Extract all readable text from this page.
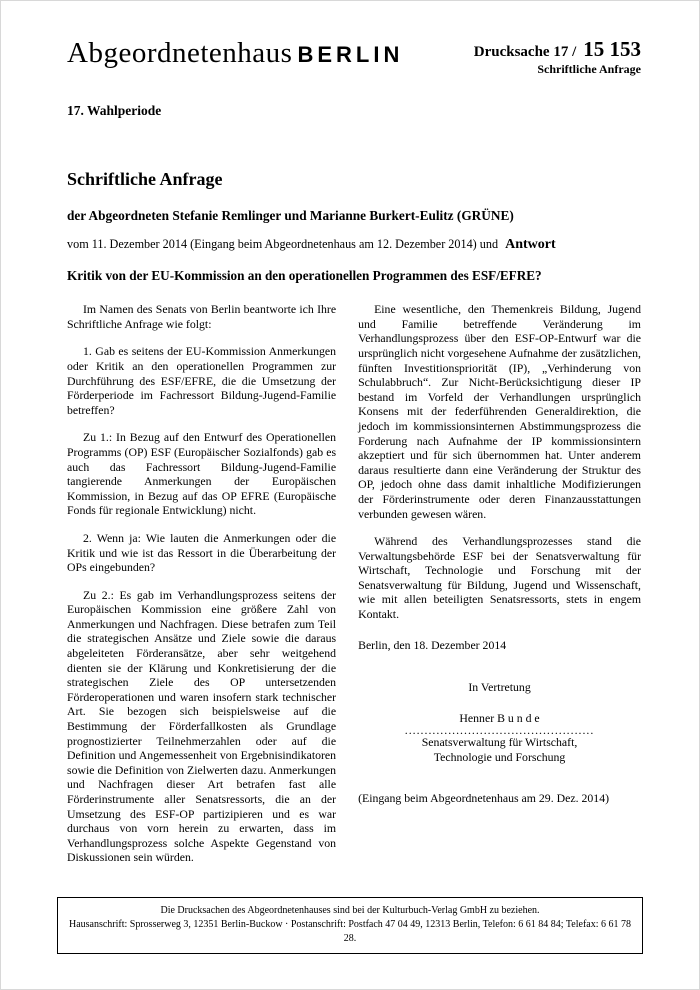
Abgeordnetenhaus BERLIN	Drucksache 17 / 15 153
Schriftliche Anfrage
17. Wahlperiode
Schriftliche Anfrage

der Abgeordneten Stefanie Remlinger und Marianne Burkert-Eulitz (GRÜNE)

vom 11. Dezember 2014 (Eingang beim Abgeordnetenhaus am 12. Dezember 2014) und Antwort

Kritik von der EU-Kommission an den operationellen Programmen des ESF/EFRE?

Im Namen des Senats von Berlin beantworte ich Ihre Schriftliche Anfrage wie folgt:

1. Gab es seitens der EU-Kommission Anmerkungen oder Kritik an den operationellen Programmen zur Durchführung des ESF/EFRE, die die Umsetzung der Förderperiode im Fachressort Bildung-Jugend-Familie betreffen?

Zu 1.: In Bezug auf den Entwurf des Operationellen Programms (OP) ESF (Europäischer Sozialfonds) gab es auch das Fachressort Bildung-Jugend-Familie tangierende Anmerkungen der Europäischen Kommission, in Bezug auf das OP EFRE (Europäische Fonds für regionale Entwicklung) nicht.

2. Wenn ja: Wie lauten die Anmerkungen oder die Kritik und wie ist das Ressort in die Überarbeitung der OPs eingebunden?

Zu 2.: Es gab im Verhandlungsprozess seitens der Europäischen Kommission eine größere Zahl von Anmerkungen und Nachfragen. Diese betrafen zum Teil die strategischen Ansätze und Ziele sowie die daraus abgeleiteten Förderansätze, aber sehr weitgehend dienten sie der Klärung und Konkretisierung der die strategischen Ziele des OP untersetzenden Förderoperationen und waren insofern stark technischer Art. Sie bezogen sich beispielsweise auf die Bestimmung der Förderfallkosten als Grundlage prognostizierter Teilnehmerzahlen oder auf die Definition und Angemessenheit von Ergebnisindikatoren sowie die Definition von Zielwerten dazu. Anmerkungen und Nachfragen dieser Art betrafen fast alle Förderinstrumente aller Senatsressorts, die an der Umsetzung des ESF-OP partizipieren und es war durchaus von vorn herein zu erwarten, dass im Verhandlungsprozess solche Aspekte Gegenstand von Diskussionen sein würden.

Eine wesentliche, den Themenkreis Bildung, Jugend und Familie betreffende Veränderung im Verhandlungsprozess über den ESF-OP-Entwurf war die ursprünglich nicht vorgesehene Aufnahme der zusätzlichen, fünften Investitionspriorität (IP), „Verhinderung von Schulabbruch“. Zur Nicht-Berücksichtigung dieser IP bestand im Vorfeld der Verhandlungen ursprünglich Konsens mit der federführenden Generaldirektion, die jedoch im kommissionsinternen Abstimmungsprozess die Forderung nach Aufnahme der IP kommissionsintern akzeptiert und für sich übernommen hat. Unter anderem daraus resultierte dann eine Veränderung der Struktur des OP, jedoch ohne dass damit inhaltliche Modifizierungen der Förderinstrumente oder deren Finanzausstattungen verbunden gewesen wären.

Während des Verhandlungsprozesses stand die Verwaltungsbehörde ESF bei der Senatsverwaltung für Wirtschaft, Technologie und Forschung mit der Senatsverwaltung für Bildung, Jugend und Wissenschaft, wie mit allen beteiligten Senatsressorts, stets in engem Kontakt.

Berlin, den 18. Dezember 2014

In Vertretung

Henner B u n d e

................................................

Senatsverwaltung für Wirtschaft,

Technologie und Forschung

(Eingang beim Abgeordnetenhaus am 29. Dez. 2014)

Die Drucksachen des Abgeordnetenhauses sind bei der Kulturbuch-Verlag GmbH zu beziehen.

Hausanschrift: Sprosserweg 3, 12351 Berlin-Buckow · Postanschrift: Postfach 47 04 49, 12313 Berlin, Telefon: 6 61 84 84; Telefax: 6 61 78 28.
